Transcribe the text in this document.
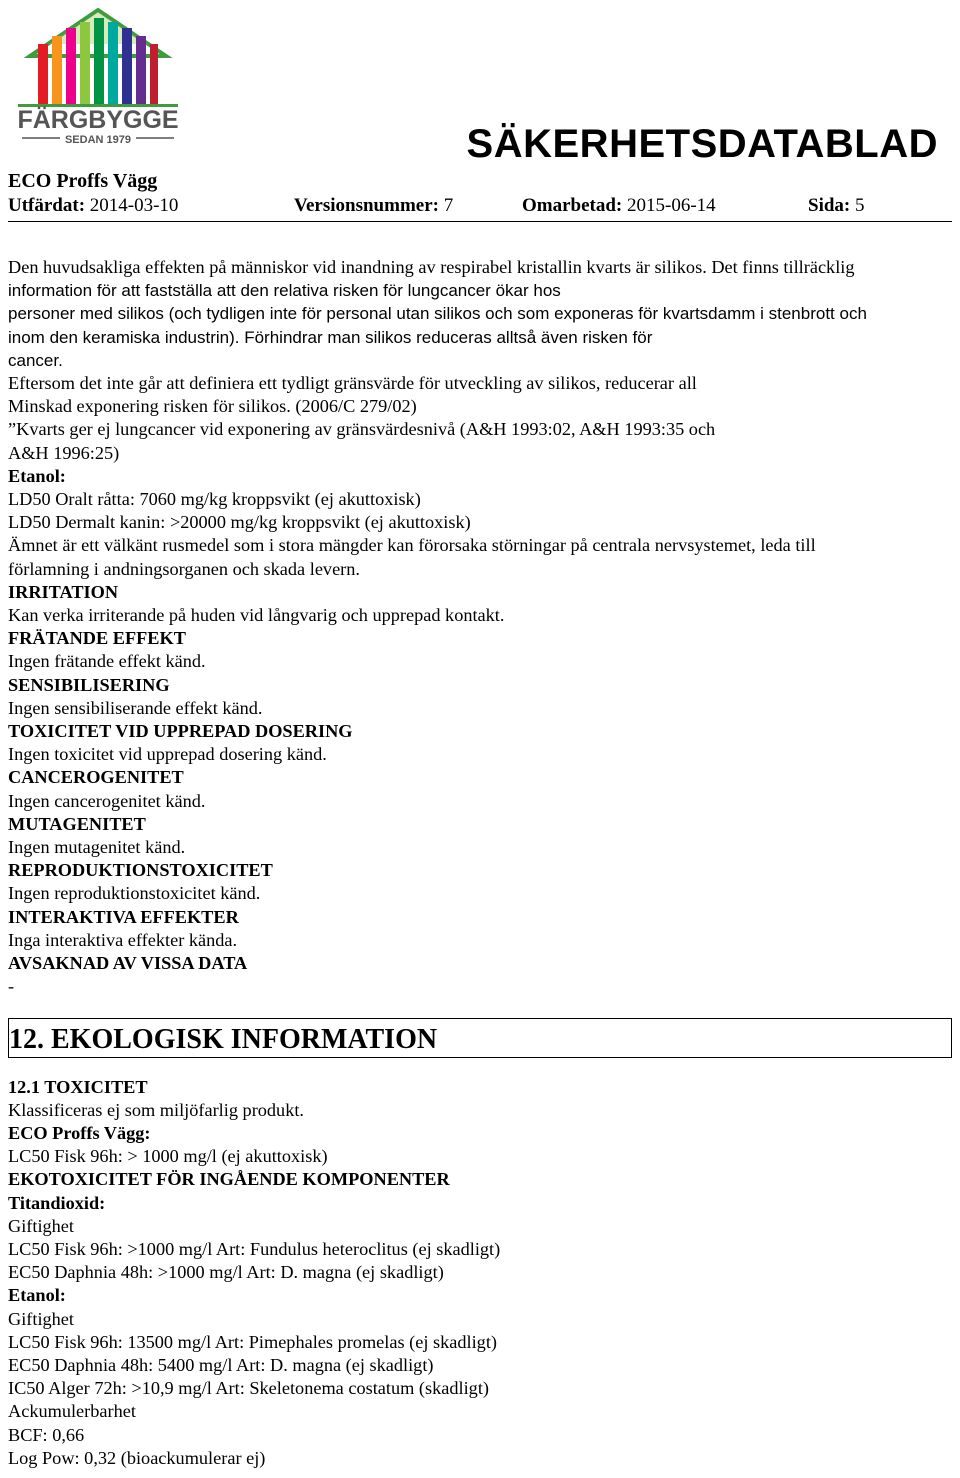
FÄRGBYGGE
SEDAN 1979	SÄKERHETSDATABLAD
ECO Proffs Vägg
Utfärdat: 2014-03-10	Versionsnummer: 7	Omarbetad: 2015-06-14	Sida: 5

Den huvudsakliga effekten på människor vid inandning av respirabel kristallin kvarts är silikos. Det finns tillräcklig

information för att fastställa att den relativa risken för lungcancer ökar hos

personer med silikos (och tydligen inte för personal utan silikos och som exponeras för kvartsdamm i stenbrott och

inom den keramiska industrin). Förhindrar man silikos reduceras alltså även risken för

cancer.

Eftersom det inte går att definiera ett tydligt gränsvärde för utveckling av silikos, reducerar all

Minskad exponering risken för silikos. (2006/C 279/02)

”Kvarts ger ej lungcancer vid exponering av gränsvärdesnivå (A&H 1993:02, A&H 1993:35 och

A&H 1996:25)

Etanol:

LD50 Oralt råtta: 7060 mg/kg kroppsvikt (ej akuttoxisk)

LD50 Dermalt kanin: >20000 mg/kg kroppsvikt (ej akuttoxisk)

Ämnet är ett välkänt rusmedel som i stora mängder kan förorsaka störningar på centrala nervsystemet, leda till

förlamning i andningsorganen och skada levern.

IRRITATION

Kan verka irriterande på huden vid långvarig och upprepad kontakt.

FRÄTANDE EFFEKT

Ingen frätande effekt känd.

SENSIBILISERING

Ingen sensibiliserande effekt känd.

TOXICITET VID UPPREPAD DOSERING

Ingen toxicitet vid upprepad dosering känd.

CANCEROGENITET

Ingen cancerogenitet känd.

MUTAGENITET

Ingen mutagenitet känd.

REPRODUKTIONSTOXICITET

Ingen reproduktionstoxicitet känd.

INTERAKTIVA EFFEKTER

Inga interaktiva effekter kända.

AVSAKNAD AV VISSA DATA

-

12. EKOLOGISK INFORMATION

12.1 TOXICITET

Klassificeras ej som miljöfarlig produkt.

ECO Proffs Vägg:

LC50 Fisk 96h: > 1000 mg/l (ej akuttoxisk)

EKOTOXICITET FÖR INGÅENDE KOMPONENTER

Titandioxid:

Giftighet

LC50 Fisk 96h: >1000 mg/l Art: Fundulus heteroclitus (ej skadligt)

EC50 Daphnia 48h: >1000 mg/l Art: D. magna (ej skadligt)

Etanol:

Giftighet

LC50 Fisk 96h: 13500 mg/l Art: Pimephales promelas (ej skadligt)

EC50 Daphnia 48h: 5400 mg/l Art: D. magna (ej skadligt)

IC50 Alger 72h: >10,9 mg/l Art: Skeletonema costatum (skadligt)

Ackumulerbarhet

BCF: 0,66

Log Pow: 0,32 (bioackumulerar ej)
